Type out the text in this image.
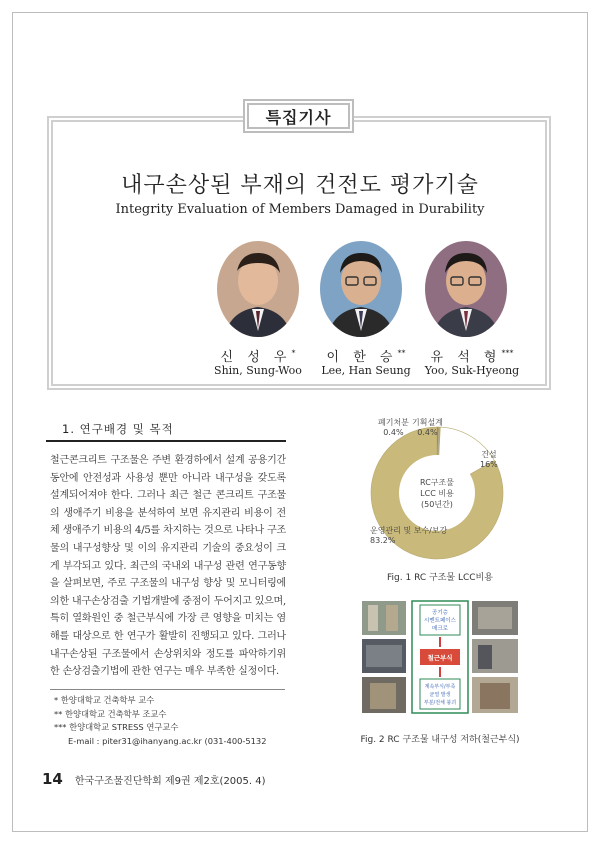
특집기사
내구손상된 부재의 건전도 평가기술
Integrity Evaluation of Members Damaged in Durability
신 성 우*
Shin, Sung-Woo
이 한 승**
Lee, Han Seung
유 석 형***
Yoo, Suk-Hyeong
1. 연구배경 및 목적

철근콘크리트 구조물은 주변 환경하에서 설계 공용기간 동안에 안전성과 사용성 뿐만 아니라 내구성을 갖도록 설계되어져야 한다. 그러나 최근 철근 콘크리트 구조물의 생애주기 비용을 분석하여 보면 유지관리 비용이 전체 생애주기 비용의 4/5를 차지하는 것으로 나타나 구조물의 내구성향상 및 이의 유지관리 기술의 중요성이 크게 부각되고 있다. 최근의 국내외 내구성 관련 연구동향을 살펴보면, 주로 구조물의 내구성 향상 및 모니터링에 의한 내구손상검출 기법개발에 중점이 두어지고 있으며, 특히 열화원인 중 철근부식에 가장 큰 영향을 미치는 염해를 대상으로 한 연구가 활발히 진행되고 있다. 그러나 내구손상된 구조물에서 손상위치와 정도를 파악하기위한 손상검출기법에 관한 연구는 매우 부족한 실정이다.

* 한양대학교 건축학부 교수
** 한양대학교 건축학부 조교수
*** 한양대학교 STRESS 연구교수
E-mail : piter31@ihanyang.ac.kr (031-400-5132
14 한국구조물진단학회 제9권 제2호(2005. 4)
RC구조물
LCC 비용
(50년간)
폐기처분
0.4%
기획설계
0.4%
건설
16%
운영관리 및 보수/보강
83.2%
Fig. 1 RC 구조물 LCC비용
공기층
시멘트페이스
매크로
철근부식
계속부식/부족
균열 발생
부분/전체 붕괴
Fig. 2 RC 구조물 내구성 저하(철근부식)
